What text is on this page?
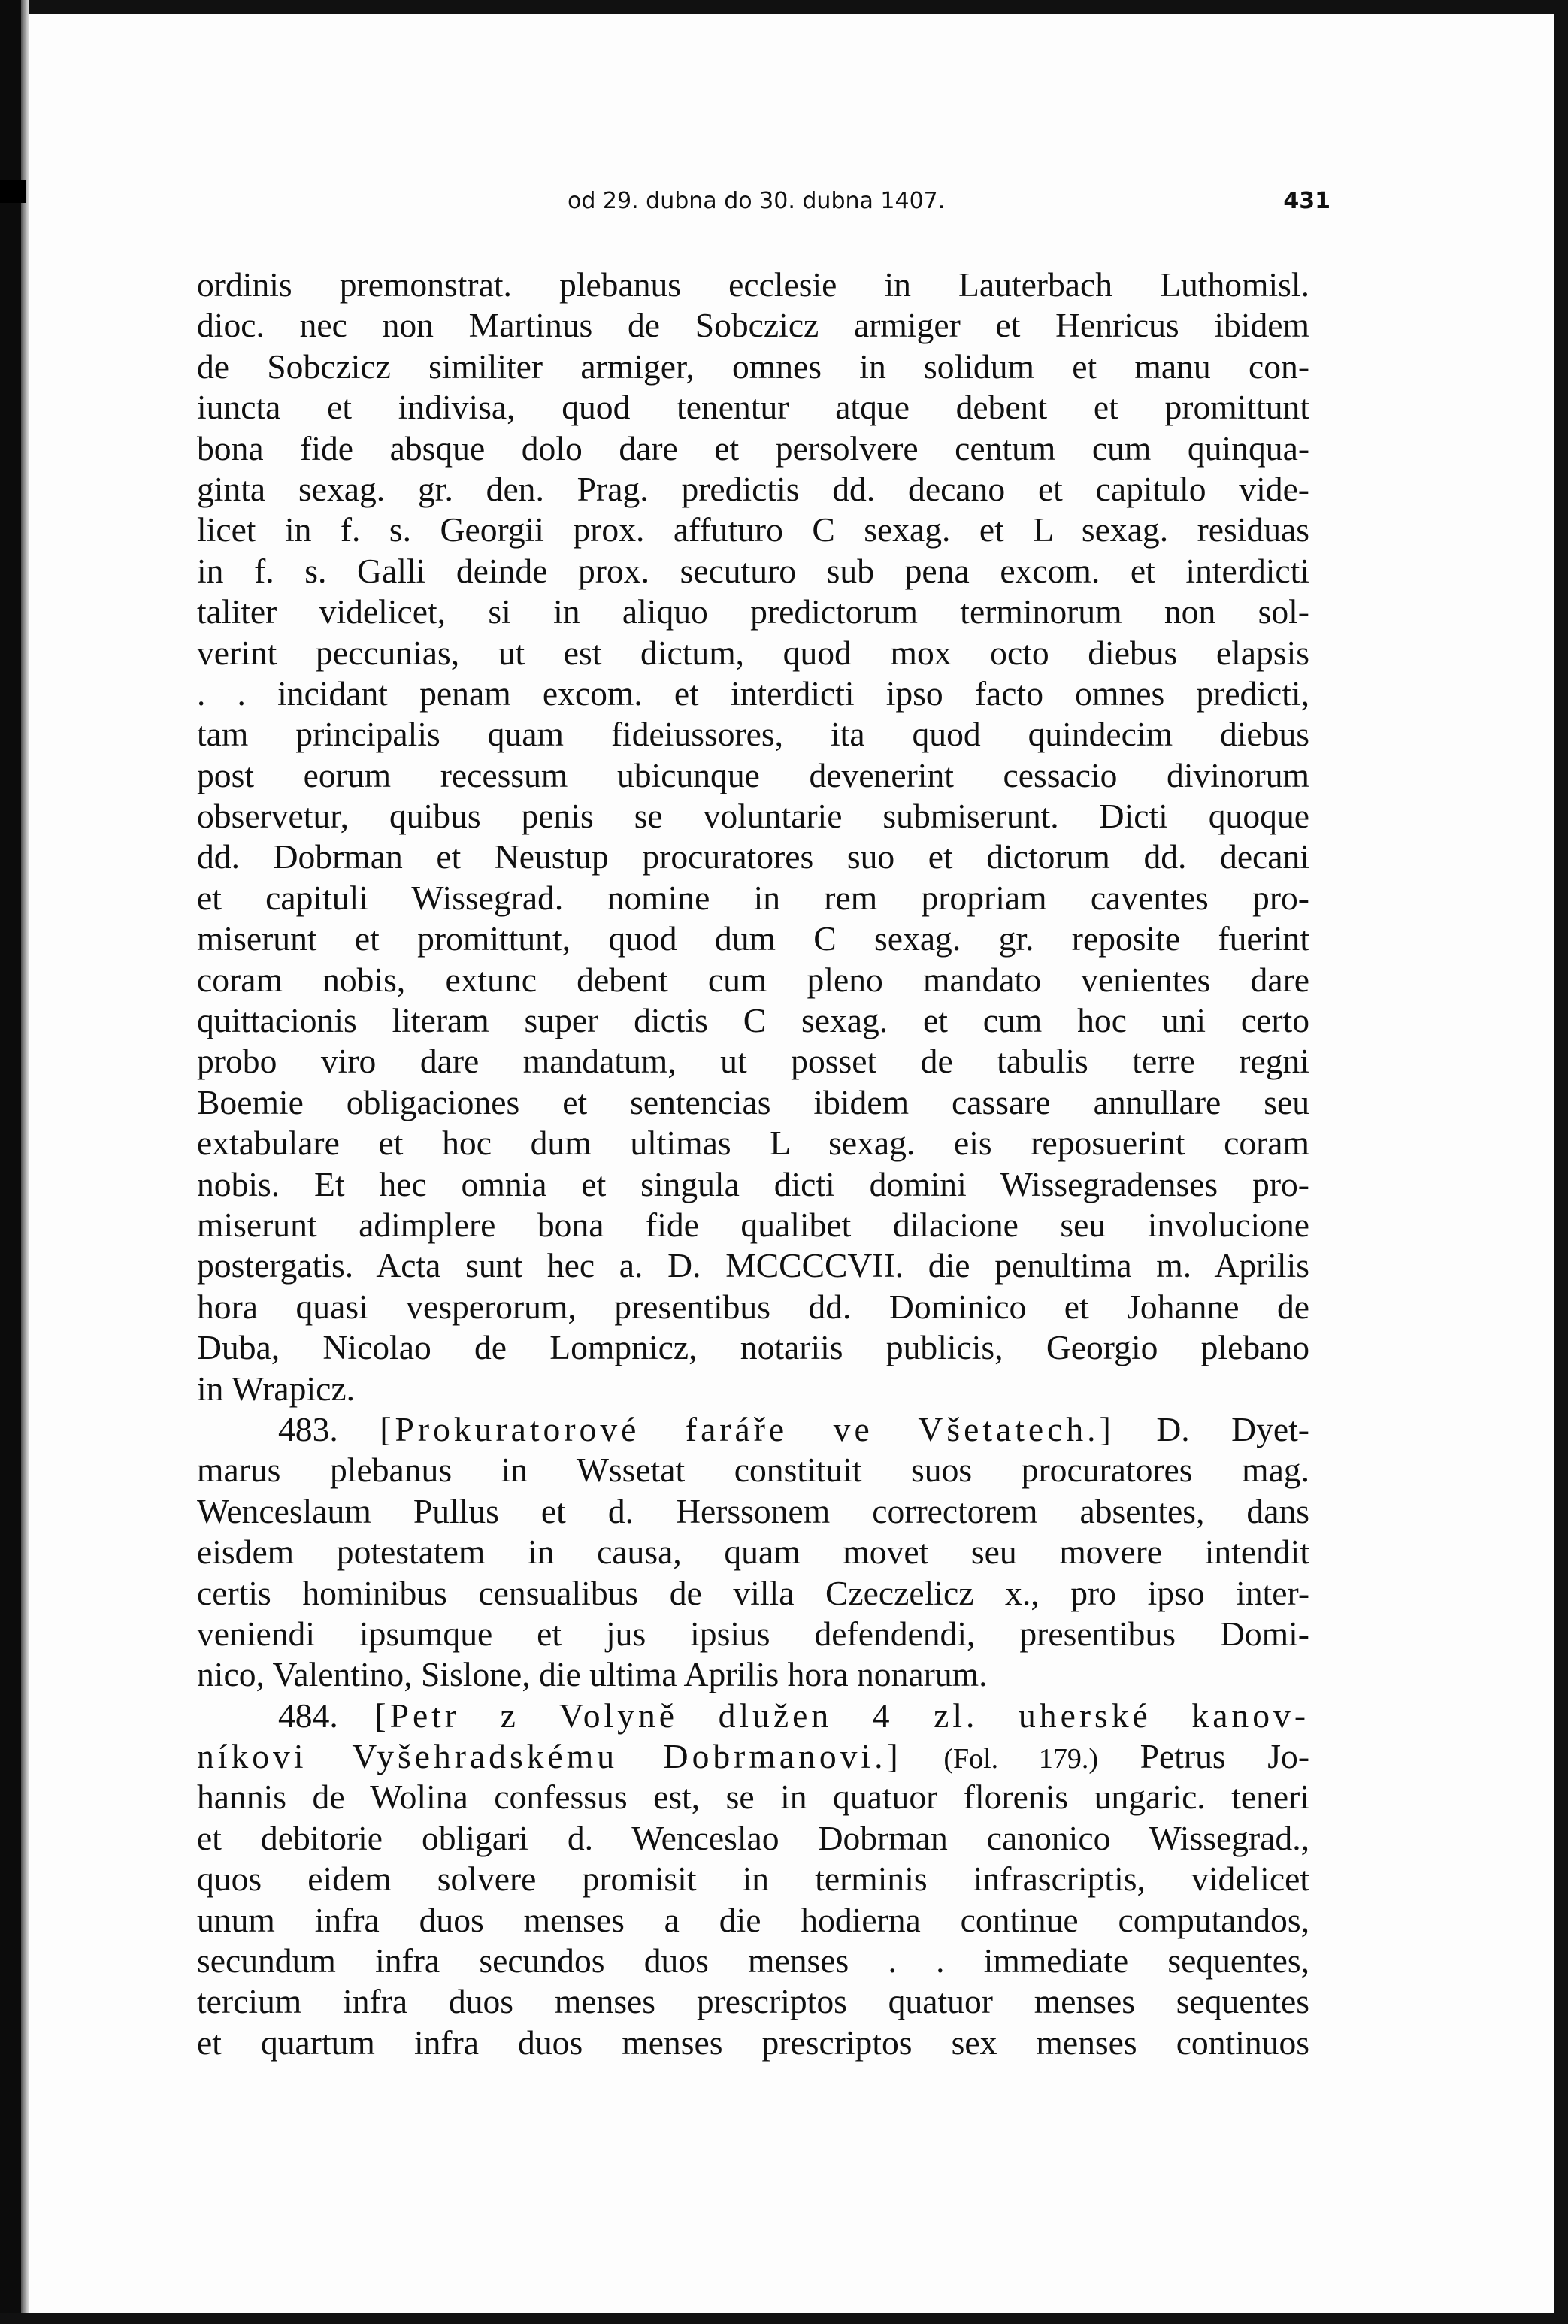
od 29. dubna do 30. dubna 1407.	431
ordinis premonstrat. plebanus ecclesie in Lauterbach Luthomisl.
dioc. nec non Martinus de Sobczicz armiger et Henricus ibidem
de Sobczicz similiter armiger, omnes in solidum et manu con-
iuncta et indivisa, quod tenentur atque debent et promittunt
bona fide absque dolo dare et persolvere centum cum quinqua-
ginta sexag. gr. den. Prag. predictis dd. decano et capitulo vide-
licet in f. s. Georgii prox. affuturo C sexag. et L sexag. residuas
in f. s. Galli deinde prox. secuturo sub pena excom. et interdicti
taliter videlicet, si in aliquo predictorum terminorum non sol-
verint peccunias, ut est dictum, quod mox octo diebus elapsis
. . incidant penam excom. et interdicti ipso facto omnes predicti,
tam principalis quam fideiussores, ita quod quindecim diebus
post eorum recessum ubicunque devenerint cessacio divinorum
observetur, quibus penis se voluntarie submiserunt. Dicti quoque
dd. Dobrman et Neustup procuratores suo et dictorum dd. decani
et capituli Wissegrad. nomine in rem propriam caventes pro-
miserunt et promittunt, quod dum C sexag. gr. reposite fuerint
coram nobis, extunc debent cum pleno mandato venientes dare
quittacionis literam super dictis C sexag. et cum hoc uni certo
probo viro dare mandatum, ut posset de tabulis terre regni
Boemie obligaciones et sentencias ibidem cassare annullare seu
extabulare et hoc dum ultimas L sexag. eis reposuerint coram
nobis. Et hec omnia et singula dicti domini Wissegradenses pro-
miserunt adimplere bona fide qualibet dilacione seu involucione
postergatis. Acta sunt hec a. D. MCCCCVII. die penultima m. Aprilis
hora quasi vesperorum, presentibus dd. Dominico et Johanne de
Duba, Nicolao de Lompnicz, notariis publicis, Georgio plebano
in Wrapicz.
483. [Prokuratorové faráře ve Všetatech.] D. Dyet-
marus plebanus in Wssetat constituit suos procuratores mag.
Wenceslaum Pullus et d. Herssonem correctorem absentes, dans
eisdem potestatem in causa, quam movet seu movere intendit
certis hominibus censualibus de villa Czeczelicz x., pro ipso inter-
veniendi ipsumque et jus ipsius defendendi, presentibus Domi-
nico, Valentino, Sislone, die ultima Aprilis hora nonarum.
484. [Petr z Volyně dlužen 4 zl. uherské kanov-
níkovi Vyšehradskému Dobrmanovi.] (Fol. 179.) Petrus Jo-
hannis de Wolina confessus est, se in quatuor florenis ungaric. teneri
et debitorie obligari d. Wenceslao Dobrman canonico Wissegrad.,
quos eidem solvere promisit in terminis infrascriptis, videlicet
unum infra duos menses a die hodierna continue computandos,
secundum infra secundos duos menses . . immediate sequentes,
tercium infra duos menses prescriptos quatuor menses sequentes
et quartum infra duos menses prescriptos sex menses continuos
